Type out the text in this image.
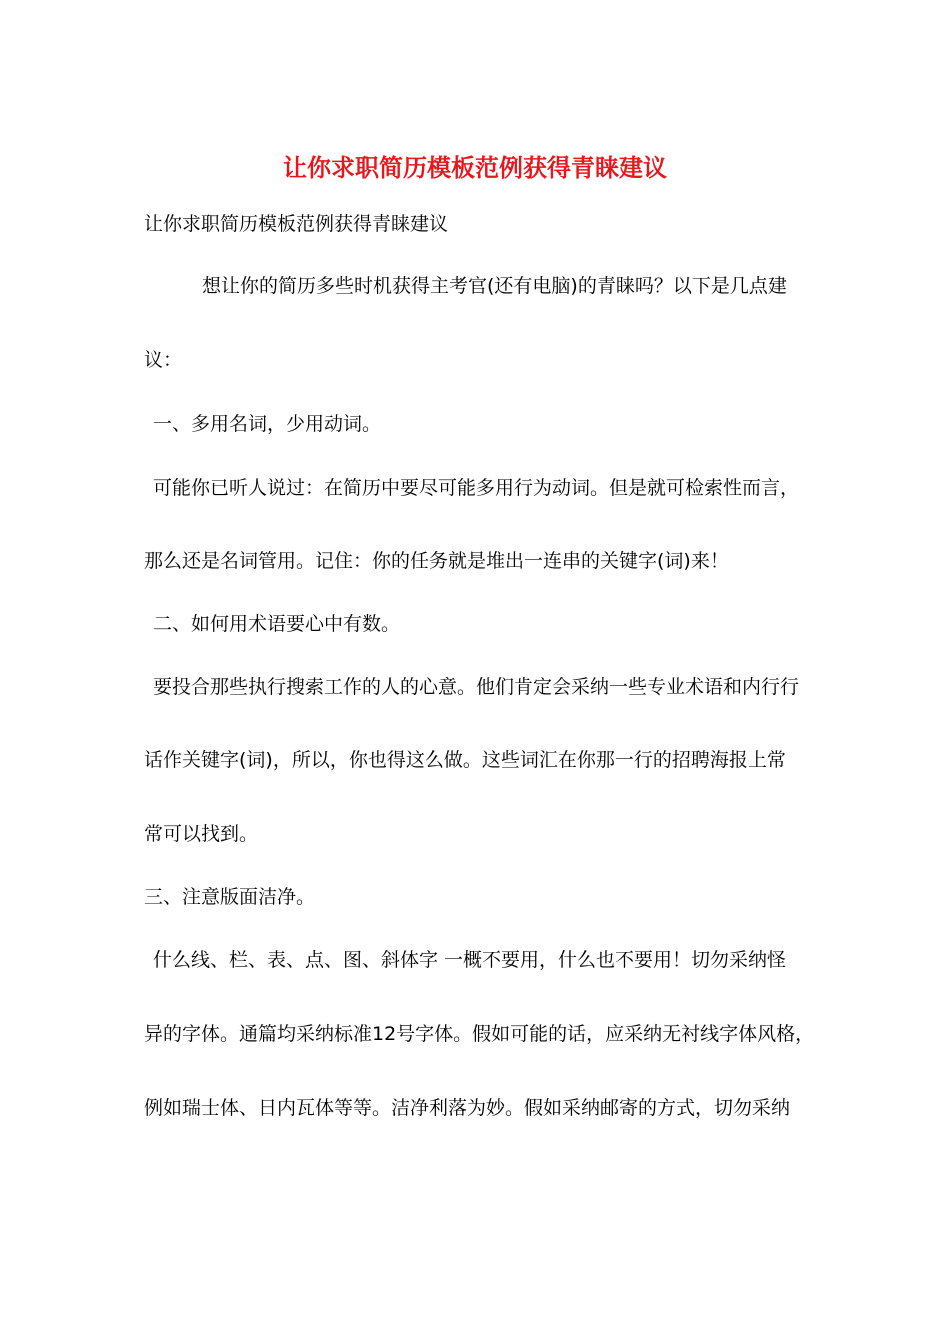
让你求职简历模板范例获得青睐建议
让你求职简历模板范例获得青睐建议
想让你的简历多些时机获得主考官(还有电脑)的青睐吗？以下是几点建
议：
一、多用名词，少用动词。
可能你已听人说过：在简历中要尽可能多用行为动词。但是就可检索性而言，
那么还是名词管用。记住：你的任务就是堆出一连串的关键字(词)来！
二、如何用术语要心中有数。
要投合那些执行搜索工作的人的心意。他们肯定会采纳一些专业术语和内行行
话作关键字(词)，所以，你也得这么做。这些词汇在你那一行的招聘海报上常
常可以找到。
三、注意版面洁净。
什么线、栏、表、点、图、斜体字 一概不要用，什么也不要用！切勿采纳怪
异的字体。通篇均采纳标准12号字体。假如可能的话，应采纳无衬线字体风格，
例如瑞士体、日内瓦体等等。洁净利落为妙。假如采纳邮寄的方式，切勿采纳
